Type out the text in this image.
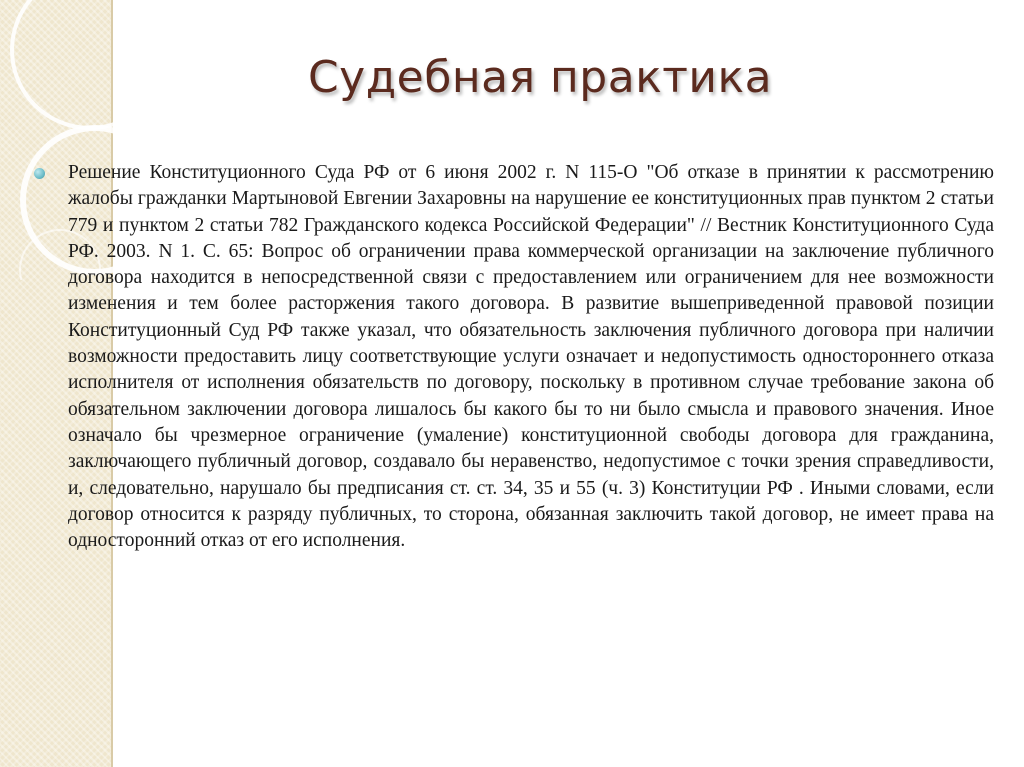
Судебная практика

Решение Конституционного Суда РФ от 6 июня 2002 г. N 115-О "Об отказе в принятии к рассмотрению жалобы гражданки Мартыновой Евгении Захаровны на нарушение ее конституционных прав пунктом 2 статьи 779 и пунктом 2 статьи 782 Гражданского кодекса Российской Федерации" // Вестник Конституционного Суда РФ. 2003. N 1. С. 65: Вопрос об ограничении права коммерческой организации на заключение публичного договора находится в непосредственной связи с предоставлением или ограничением для нее возможности изменения и тем более расторжения такого договора. В развитие вышеприведенной правовой позиции Конституционный Суд РФ также указал, что обязательность заключения публичного договора при наличии возможности предоставить лицу соответствующие услуги означает и недопустимость одностороннего отказа исполнителя от исполнения обязательств по договору, поскольку в противном случае требование закона об обязательном заключении договора лишалось бы какого бы то ни было смысла и правового значения. Иное означало бы чрезмерное ограничение (умаление) конституционной свободы договора для гражданина, заключающего публичный договор, создавало бы неравенство, недопустимое с точки зрения справедливости, и, следовательно, нарушало бы предписания ст. ст. 34, 35 и 55 (ч. 3) Конституции РФ . Иными словами, если договор относится к разряду публичных, то сторона, обязанная заключить такой договор, не имеет права на односторонний отказ от его исполнения.
